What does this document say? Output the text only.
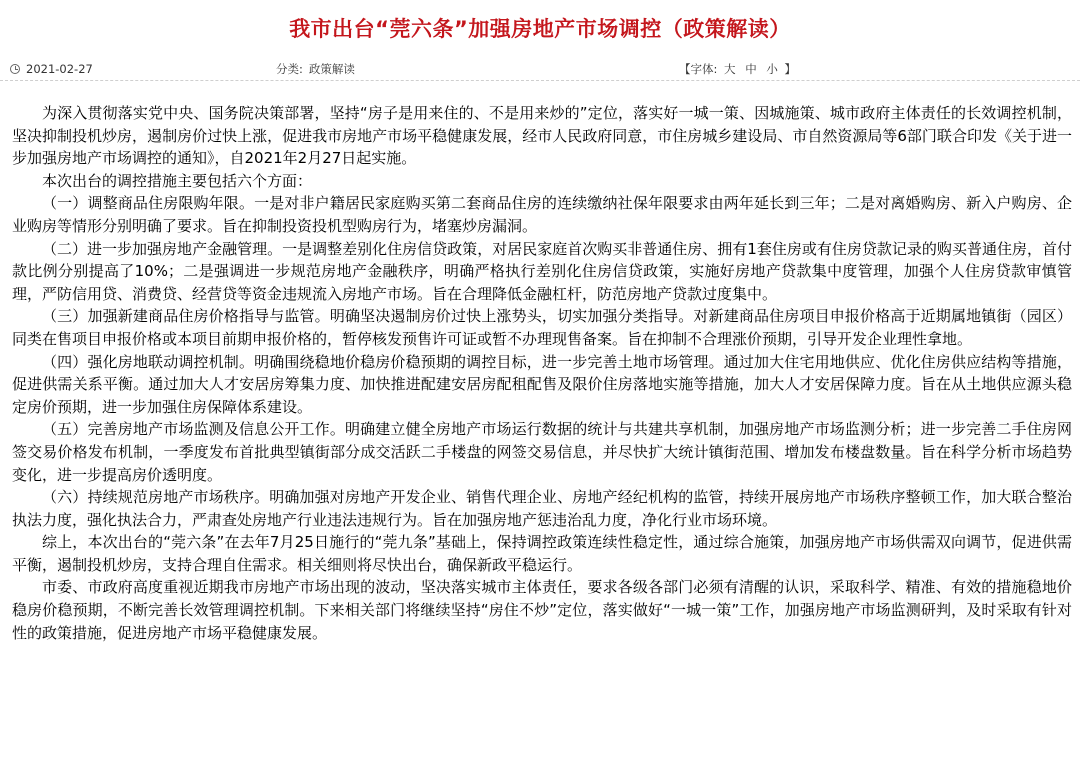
我市出台“莞六条”加强房地产市场调控（政策解读）
2021-02-27	分类: 政策解读	【字体: 大 中 小 】

为深入贯彻落实党中央、国务院决策部署，坚持“房子是用来住的、不是用来炒的”定位，落实好一城一策、因城施策、城市政府主体责任的长效调控机制，坚决抑制投机炒房，遏制房价过快上涨，促进我市房地产市场平稳健康发展，经市人民政府同意，市住房城乡建设局、市自然资源局等6部门联合印发《关于进一步加强房地产市场调控的通知》，自2021年2月27日起实施。

本次出台的调控措施主要包括六个方面：

（一）调整商品住房限购年限。一是对非户籍居民家庭购买第二套商品住房的连续缴纳社保年限要求由两年延长到三年；二是对离婚购房、新入户购房、企业购房等情形分别明确了要求。旨在抑制投资投机型购房行为，堵塞炒房漏洞。

（二）进一步加强房地产金融管理。一是调整差别化住房信贷政策，对居民家庭首次购买非普通住房、拥有1套住房或有住房贷款记录的购买普通住房，首付款比例分别提高了10%；二是强调进一步规范房地产金融秩序，明确严格执行差别化住房信贷政策，实施好房地产贷款集中度管理，加强个人住房贷款审慎管理，严防信用贷、消费贷、经营贷等资金违规流入房地产市场。旨在合理降低金融杠杆，防范房地产贷款过度集中。

（三）加强新建商品住房价格指导与监管。明确坚决遏制房价过快上涨势头，切实加强分类指导。对新建商品住房项目申报价格高于近期属地镇街（园区）同类在售项目申报价格或本项目前期申报价格的，暂停核发预售许可证或暂不办理现售备案。旨在抑制不合理涨价预期，引导开发企业理性拿地。

（四）强化房地联动调控机制。明确围绕稳地价稳房价稳预期的调控目标，进一步完善土地市场管理。通过加大住宅用地供应、优化住房供应结构等措施，促进供需关系平衡。通过加大人才安居房筹集力度、加快推进配建安居房配租配售及限价住房落地实施等措施，加大人才安居保障力度。旨在从土地供应源头稳定房价预期，进一步加强住房保障体系建设。

（五）完善房地产市场监测及信息公开工作。明确建立健全房地产市场运行数据的统计与共建共享机制，加强房地产市场监测分析；进一步完善二手住房网签交易价格发布机制，一季度发布首批典型镇街部分成交活跃二手楼盘的网签交易信息，并尽快扩大统计镇街范围、增加发布楼盘数量。旨在科学分析市场趋势变化，进一步提高房价透明度。

（六）持续规范房地产市场秩序。明确加强对房地产开发企业、销售代理企业、房地产经纪机构的监管，持续开展房地产市场秩序整顿工作，加大联合整治执法力度，强化执法合力，严肃查处房地产行业违法违规行为。旨在加强房地产惩违治乱力度，净化行业市场环境。

综上，本次出台的“莞六条”在去年7月25日施行的“莞九条”基础上，保持调控政策连续性稳定性，通过综合施策，加强房地产市场供需双向调节，促进供需平衡，遏制投机炒房，支持合理自住需求。相关细则将尽快出台，确保新政平稳运行。

市委、市政府高度重视近期我市房地产市场出现的波动，坚决落实城市主体责任，要求各级各部门必须有清醒的认识，采取科学、精准、有效的措施稳地价稳房价稳预期，不断完善长效管理调控机制。下来相关部门将继续坚持“房住不炒”定位，落实做好“一城一策”工作，加强房地产市场监测研判，及时采取有针对性的政策措施，促进房地产市场平稳健康发展。
